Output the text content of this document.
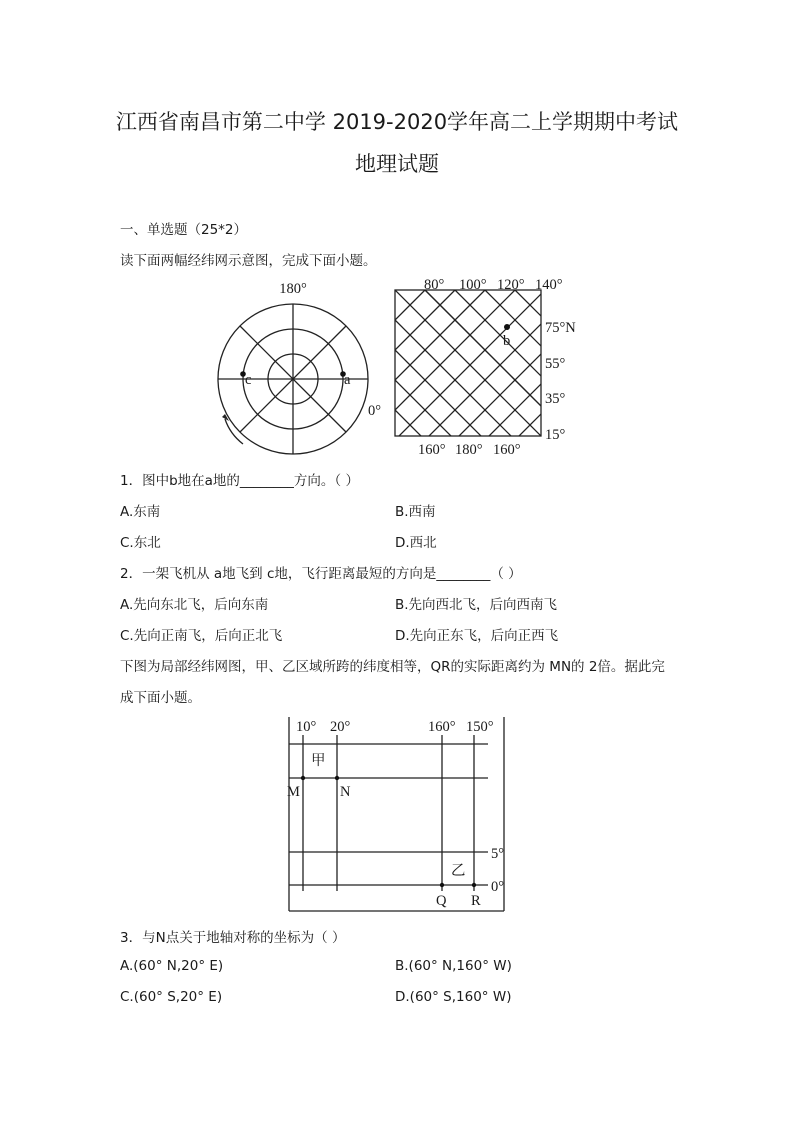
江西省南昌市第二中学 2019-2020学年高二上学期期中考试
地理试题
一、单选题（25*2）
读下面两幅经纬网示意图，完成下面小题。
180°
a
c
0°
80° 100° 120° 140°
b
75°N
55°
35°
15°
160° 180° 160°
1．图中b地在a地的________方向。（ ）
A.东南	B.西南
C.东北	D.西北
2．一架飞机从 a地飞到 c地，飞行距离最短的方向是________（ ）
A.先向东北飞，后向东南	B.先向西北飞，后向西南飞
C.先向正南飞，后向正北飞	D.先向正东飞，后向正西飞
下图为局部经纬网图，甲、乙区域所跨的纬度相等，QR的实际距离约为 MN的 2倍。据此完
成下面小题。
10° 20°	160° 150°
甲
乙
M	N
Q R
5°
0°
3．与N点关于地轴对称的坐标为（ ）
A.(60° N,20° E)	B.(60° N,160° W)
C.(60° S,20° E)	D.(60° S,160° W)
